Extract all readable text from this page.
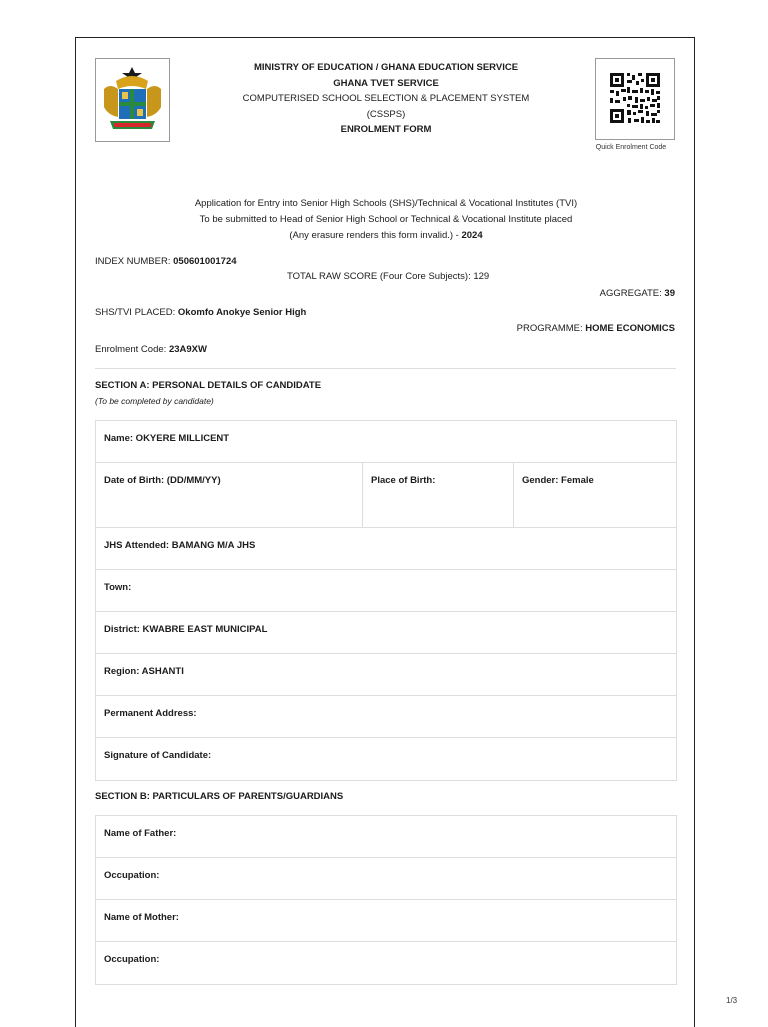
MINISTRY OF EDUCATION / GHANA EDUCATION SERVICE
GHANA TVET SERVICE
COMPUTERISED SCHOOL SELECTION & PLACEMENT SYSTEM
(CSSPS)
ENROLMENT FORM
Quick Enrolment Code
Application for Entry into Senior High Schools (SHS)/Technical & Vocational Institutes (TVI)
To be submitted to Head of Senior High School or Technical & Vocational Institute placed
(Any erasure renders this form invalid.) - 2024
INDEX NUMBER: 050601001724
TOTAL RAW SCORE (Four Core Subjects): 129
AGGREGATE: 39
SHS/TVI PLACED: Okomfo Anokye Senior High
PROGRAMME: HOME ECONOMICS
Enrolment Code: 23A9XW
SECTION A: PERSONAL DETAILS OF CANDIDATE
(To be completed by candidate)
Name: OKYERE MILLICENT
Date of Birth: (DD/MM/YY)	Place of Birth:	Gender: Female
JHS Attended: BAMANG M/A JHS
Town:
District: KWABRE EAST MUNICIPAL
Region: ASHANTI
Permanent Address:
Signature of Candidate:
SECTION B: PARTICULARS OF PARENTS/GUARDIANS
Name of Father:
Occupation:
Name of Mother:
Occupation:
1/3
